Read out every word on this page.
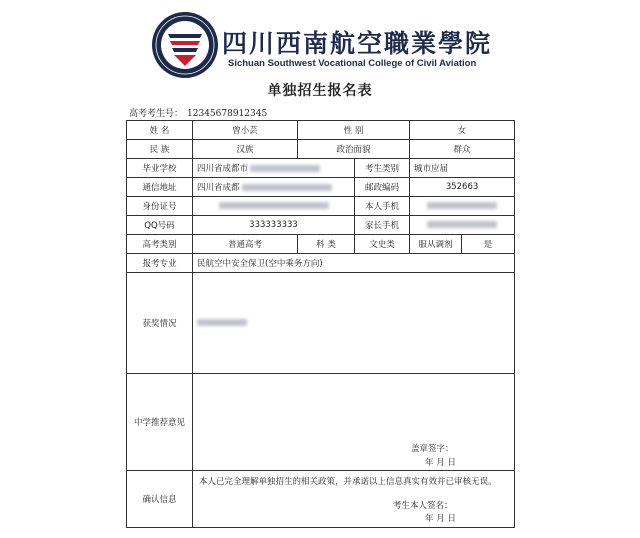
四川西南航空職業學院
Sichuan Southwest Vocational College of Civil Aviation
单独招生报名表
高考考生号： 12345678912345
姓 名	曾小芸	性 别		女	
民 族	汉族	政治面貌		群众	
毕业学校	四川省成都市		考生类别	城市应届	
通信地址	四川省成都		邮政编码	352663	
身份证号			本人手机		
QQ号码	333333333		家长手机		
高考类别	普通高考	科 类	文史类	服从调剂	是
报考专业	民航空中安全保卫(空中乘务方向)				
获奖情况					
中学推荐意见	盖章签字：
年 月 日				

确认信息	本人已完全理解单独招生的相关政策，并承诺以上信息真实有效并已审核无误。
考生本人签名：
年 月 日				
